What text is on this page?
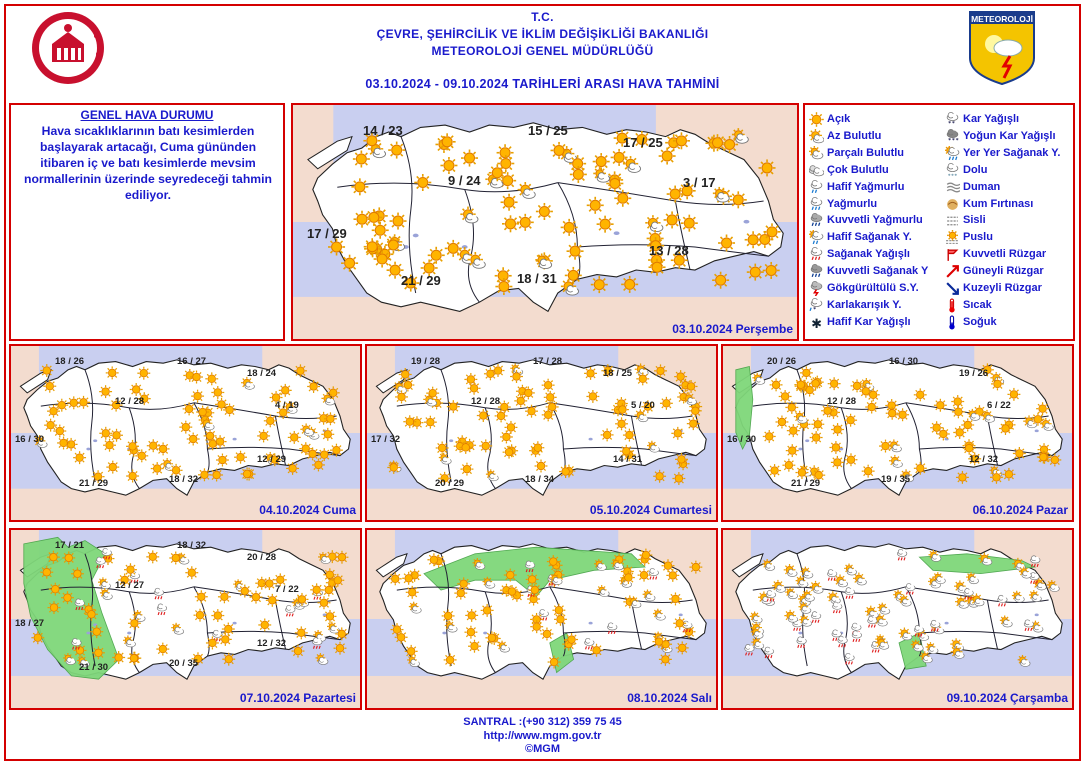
METEOROLOJİ
T.C.
ÇEVRE, ŞEHİRCİLİK VE İKLİM DEĞİŞİKLİĞİ BAKANLIĞI
METEOROLOJİ GENEL MÜDÜRLÜĞÜ
03.10.2024 - 09.10.2024 TARİHLERİ ARASI HAVA TAHMİNİ
GENEL HAVA DURUMU
Hava sıcaklıklarının batı kesimlerden başlayarak artacağı, Cuma gününden itibaren iç ve batı kesimlerde mevsim normallerinin üzerinde seyredeceği tahmin ediliyor.
14 / 23	15 / 25
17 / 25
9 / 24	3 / 17
17 / 29
13 / 28
21 / 29	18 / 31
03.10.2024 Perşembe
Açık
Az Bulutlu
Parçalı Bulutlu
Çok Bulutlu
Hafif Yağmurlu
Yağmurlu
Kuvvetli Yağmurlu
Hafif Sağanak Y.
Sağanak Yağışlı
Kuvvetli Sağanak Y
Gökgürültülü S.Y.
* Karlakarışık Y.
✱ Hafif Kar Yağışlı
* * Kar Yağışlı
* * * Yoğun Kar Yağışlı
Yer Yer Sağanak Y.
Dolu
Duman
Kum Fırtınası
Sisli
Puslu
Kuvvetli Rüzgar
Güneyli Rüzgar
Kuzeyli Rüzgar
Sıcak
Soğuk
18 / 26	16 / 27
18 / 24
12 / 28	4 / 19
16 / 30
12 / 29
21 / 29	18 / 32
04.10.2024 Cuma
19 / 28	17 / 28
18 / 25
12 / 28	5 / 20
17 / 32
14 / 31
20 / 29	18 / 34
05.10.2024 Cumartesi
20 / 26	16 / 30
19 / 26
12 / 28	6 / 22
16 / 30
12 / 32
21 / 29	19 / 35
06.10.2024 Pazar
17 / 21	18 / 32
20 / 28
12 / 27	7 / 22
18 / 27
12 / 32
21 / 30	20 / 35
07.10.2024 Pazartesi	08.10.2024 Salı	09.10.2024 Çarşamba
SANTRAL :(+90 312) 359 75 45
http://www.mgm.gov.tr
©MGM
